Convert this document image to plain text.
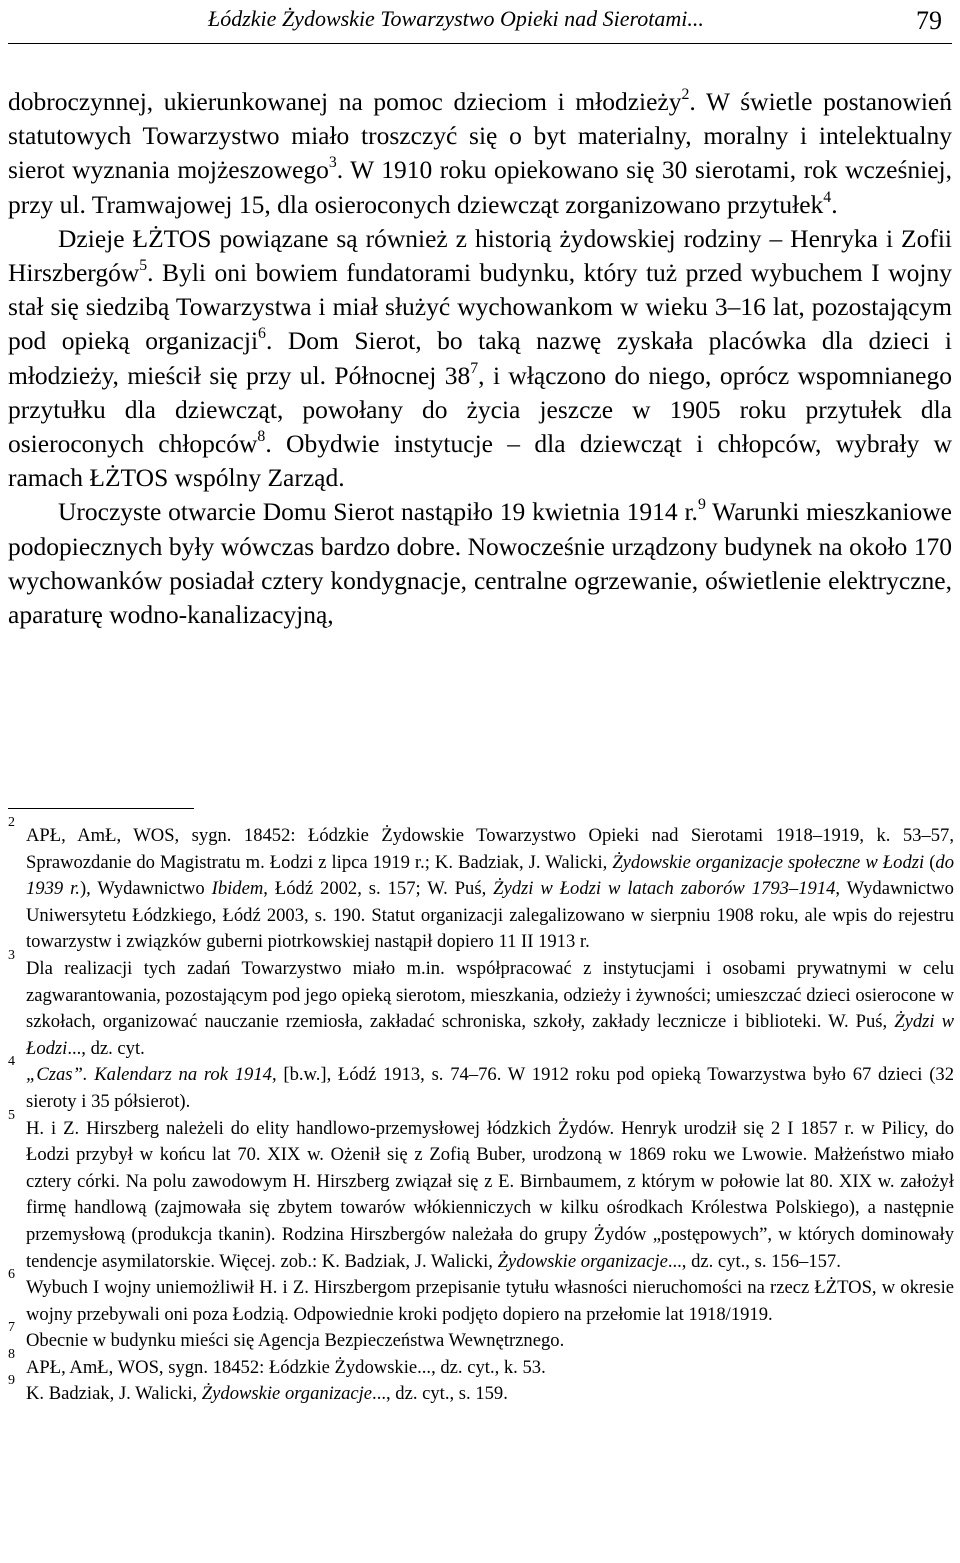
Łódzkie Żydowskie Towarzystwo Opieki nad Sierotami...	79

dobroczynnej, ukierunkowanej na pomoc dzieciom i młodzieży$^2$. W świetle postanowień statutowych Towarzystwo miało troszczyć się o byt materialny, moralny i intelektualny sierot wyznania mojżeszowego$^3$. W 1910 roku opiekowano się 30 sierotami, rok wcześniej, przy ul. Tramwajowej 15, dla osieroconych dziewcząt zorganizowano przytułek$^4$.

Dzieje ŁŻTOS powiązane są również z historią żydowskiej rodziny – Henryka i Zofii Hirszbergów$^5$. Byli oni bowiem fundatorami budynku, który tuż przed wybuchem I wojny stał się siedzibą Towarzystwa i miał służyć wychowankom w wieku 3–16 lat, pozostającym pod opieką organizacji$^6$. Dom Sierot, bo taką nazwę zyskała placówka dla dzieci i młodzieży, mieścił się przy ul. Północnej $38^7$, i włączono do niego, oprócz wspomnianego przytułku dla dziewcząt, powołany do życia jeszcze w 1905 roku przytułek dla osieroconych chłopców$^8$. Obydwie instytucje – dla dziewcząt i chłopców, wybrały w ramach ŁŻTOS wspólny Zarząd.

Uroczyste otwarcie Domu Sierot nastąpiło 19 kwietnia 1914 r.$^9$ Warunki mieszkaniowe podopiecznych były wówczas bardzo dobre. Nowocześnie urządzony budynek na około 170 wychowanków posiadał cztery kondygnacje, centralne ogrzewanie, oświetlenie elektryczne, aparaturę wodno-kanalizacyjną,

2
APŁ, AmŁ, WOS, sygn. 18452: Łódzkie Żydowskie Towarzystwo Opieki nad Sierotami 1918–1919, k. 53–57, Sprawozdanie do Magistratu m. Łodzi z lipca 1919 r.; K. Badziak, J. Walicki, Żydowskie organizacje społeczne w Łodzi (do 1939 r.), Wydawnictwo Ibidem, Łódź 2002, s. 157; W. Puś, Żydzi w Łodzi w latach zaborów 1793–1914, Wydawnictwo Uniwersytetu Łódzkiego, Łódź 2003, s. 190. Statut organizacji zalegalizowano w sierpniu 1908 roku, ale wpis do rejestru towarzystw i związków guberni piotrkowskiej nastąpił dopiero 11 II 1913 r.

3
Dla realizacji tych zadań Towarzystwo miało m.in. współpracować z instytucjami i osobami prywatnymi w celu zagwarantowania, pozostającym pod jego opieką sierotom, mieszkania, odzieży i żywności; umieszczać dzieci osierocone w szkołach, organizować nauczanie rzemiosła, zakładać schroniska, szkoły, zakłady lecznicze i biblioteki. W. Puś, Żydzi w Łodzi..., dz. cyt.

4
„Czas”. Kalendarz na rok 1914, [b.w.], Łódź 1913, s. 74–76. W 1912 roku pod opieką Towarzystwa było 67 dzieci (32 sieroty i 35 półsierot).

5
H. i Z. Hirszberg należeli do elity handlowo-przemysłowej łódzkich Żydów. Henryk urodził się 2 I 1857 r. w Pilicy, do Łodzi przybył w końcu lat 70. XIX w. Ożenił się z Zofią Buber, urodzoną w 1869 roku we Lwowie. Małżeństwo miało cztery córki. Na polu zawodowym H. Hirszberg związał się z E. Birnbaumem, z którym w połowie lat 80. XIX w. założył firmę handlową (zajmowała się zbytem towarów włókienniczych w kilku ośrodkach Królestwa Polskiego), a następnie przemysłową (produkcja tkanin). Rodzina Hirszbergów należała do grupy Żydów „postępowych”, w których dominowały tendencje asymilatorskie. Więcej. zob.: K. Badziak, J. Walicki, Żydowskie organizacje..., dz. cyt., s. 156–157.

6
Wybuch I wojny uniemożliwił H. i Z. Hirszbergom przepisanie tytułu własności nieruchomości na rzecz ŁŻTOS, w okresie wojny przebywali oni poza Łodzią. Odpowiednie kroki podjęto dopiero na przełomie lat 1918/1919.

7
Obecnie w budynku mieści się Agencja Bezpieczeństwa Wewnętrznego.

8
APŁ, AmŁ, WOS, sygn. 18452: Łódzkie Żydowskie..., dz. cyt., k. 53.

9
K. Badziak, J. Walicki, Żydowskie organizacje..., dz. cyt., s. 159.
